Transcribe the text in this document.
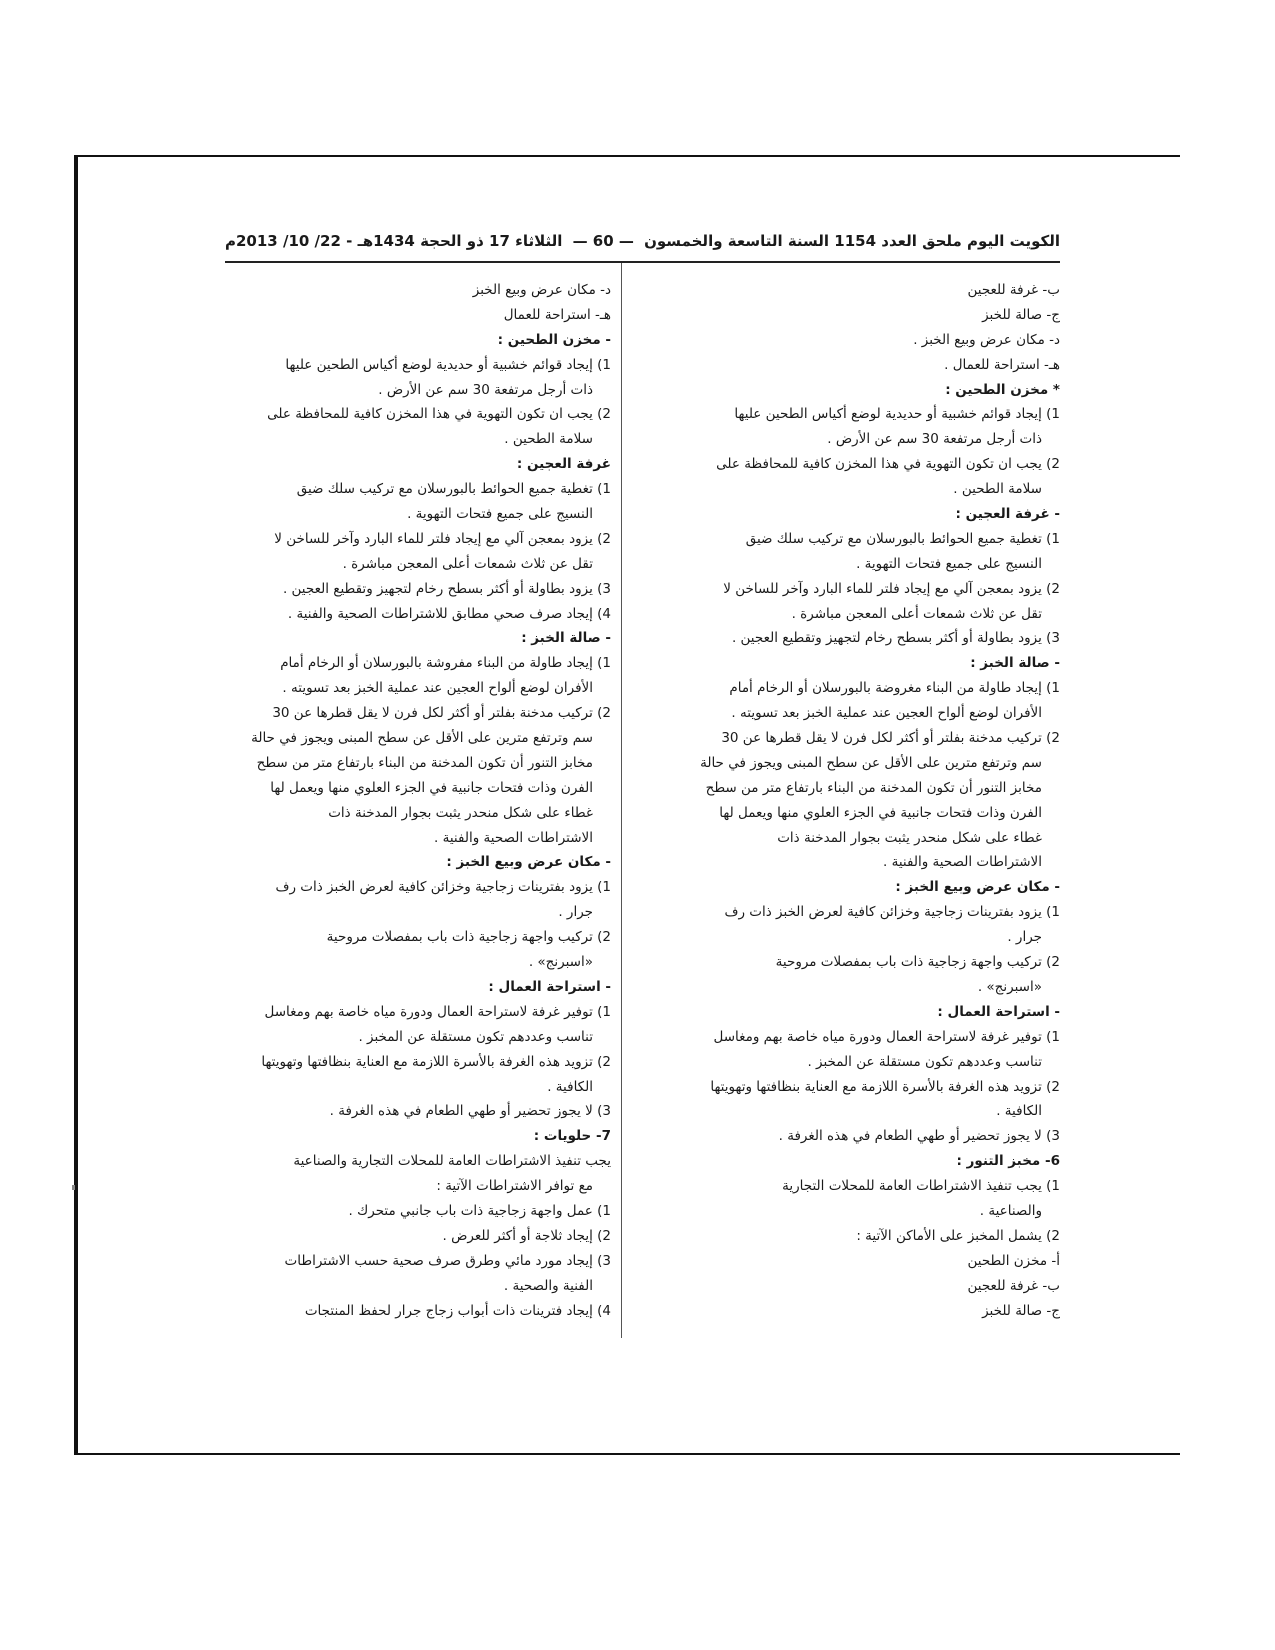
الكويت اليوم ملحق العدد 1154 السنة التاسعة والخمسون
— 60 —
الثلاثاء 17 ذو الحجة 1434هـ - 22/ 10/ 2013م
ب- غرفة للعجين
ج- صالة للخبز
د- مكان عرض وبيع الخبز .
هـ- استراحة للعمال .
* مخزن الطحين :
1) إيجاد قوائم خشبية أو حديدية لوضع أكياس الطحين عليها
ذات أرجل مرتفعة 30 سم عن الأرض .
2) يجب ان تكون التهوية في هذا المخزن كافية للمحافظة على
سلامة الطحين .
- غرفة العجين :
1) تغطية جميع الحوائط بالبورسلان مع تركيب سلك ضيق
النسيج على جميع فتحات التهوية .
2) يزود بمعجن آلي مع إيجاد فلتر للماء البارد وآخر للساخن لا
تقل عن ثلاث شمعات أعلى المعجن مباشرة .
3) يزود بطاولة أو أكثر بسطح رخام لتجهيز وتقطيع العجين .
- صالة الخبز :
1) إيجاد طاولة من البناء مغروضة بالبورسلان أو الرخام أمام
الأفران لوضع ألواح العجين عند عملية الخبز بعد تسويته .
2) تركيب مدخنة بفلتر أو أكثر لكل فرن لا يقل قطرها عن 30
سم وترتفع مترين على الأقل عن سطح المبنى ويجوز في حالة
مخابز التنور أن تكون المدخنة من البناء بارتفاع متر من سطح
الفرن وذات فتحات جانبية في الجزء العلوي منها ويعمل لها
غطاء على شكل منحدر يثبت بجوار المدخنة ذات
الاشتراطات الصحية والفنية .
- مكان عرض وبيع الخبز :
1) يزود بفترينات زجاجية وخزائن كافية لعرض الخبز ذات رف
جرار .
2) تركيب واجهة زجاجية ذات باب بمفصلات مروحية
«اسبرنج» .
- استراحة العمال :
1) توفير غرفة لاستراحة العمال ودورة مياه خاصة بهم ومغاسل
تناسب وعددهم تكون مستقلة عن المخبز .
2) تزويد هذه الغرفة بالأسرة اللازمة مع العناية بنظافتها وتهويتها
الكافية .
3) لا يجوز تحضير أو طهي الطعام في هذه الغرفة .
6- مخبز التنور :
1) يجب تنفيذ الاشتراطات العامة للمحلات التجارية
والصناعية .
2) يشمل المخبز على الأماكن الآتية :
أ- مخزن الطحين
ب- غرفة للعجين
ج- صالة للخبز
د- مكان عرض وبيع الخبز
هـ- استراحة للعمال
- مخزن الطحين :
1) إيجاد قوائم خشبية أو حديدية لوضع أكياس الطحين عليها
ذات أرجل مرتفعة 30 سم عن الأرض .
2) يجب ان تكون التهوية في هذا المخزن كافية للمحافظة على
سلامة الطحين .
غرفة العجين :
1) تغطية جميع الحوائط بالبورسلان مع تركيب سلك ضيق
النسيج على جميع فتحات التهوية .
2) يزود بمعجن آلي مع إيجاد فلتر للماء البارد وآخر للساخن لا
تقل عن ثلاث شمعات أعلى المعجن مباشرة .
3) يزود بطاولة أو أكثر بسطح رخام لتجهيز وتقطيع العجين .
4) إيجاد صرف صحي مطابق للاشتراطات الصحية والفنية .
- صالة الخبز :
1) إيجاد طاولة من البناء مفروشة بالبورسلان أو الرخام أمام
الأفران لوضع ألواح العجين عند عملية الخبز بعد تسويته .
2) تركيب مدخنة بفلتر أو أكثر لكل فرن لا يقل قطرها عن 30
سم وترتفع مترين على الأقل عن سطح المبنى ويجوز في حالة
مخابز التنور أن تكون المدخنة من البناء بارتفاع متر من سطح
الفرن وذات فتحات جانبية في الجزء العلوي منها ويعمل لها
غطاء على شكل منحدر يثبت بجوار المدخنة ذات
الاشتراطات الصحية والفنية .
- مكان عرض وبيع الخبز :
1) يزود بفترينات زجاجية وخزائن كافية لعرض الخبز ذات رف
جرار .
2) تركيب واجهة زجاجية ذات باب بمفصلات مروحية
«اسبرنج» .
- استراحة العمال :
1) توفير غرفة لاستراحة العمال ودورة مياه خاصة بهم ومغاسل
تناسب وعددهم تكون مستقلة عن المخبز .
2) تزويد هذه الغرفة بالأسرة اللازمة مع العناية بنظافتها وتهويتها
الكافية .
3) لا يجوز تحضير أو طهي الطعام في هذه الغرفة .
7- حلويات :
يجب تنفيذ الاشتراطات العامة للمحلات التجارية والصناعية
مع توافر الاشتراطات الآتية :
1) عمل واجهة زجاجية ذات باب جانبي متحرك .
2) إيجاد ثلاجة أو أكثر للعرض .
3) إيجاد مورد مائي وطرق صرف صحية حسب الاشتراطات
الفنية والصحية .
4) إيجاد فترينات ذات أبواب زجاج جرار لحفظ المنتجات
